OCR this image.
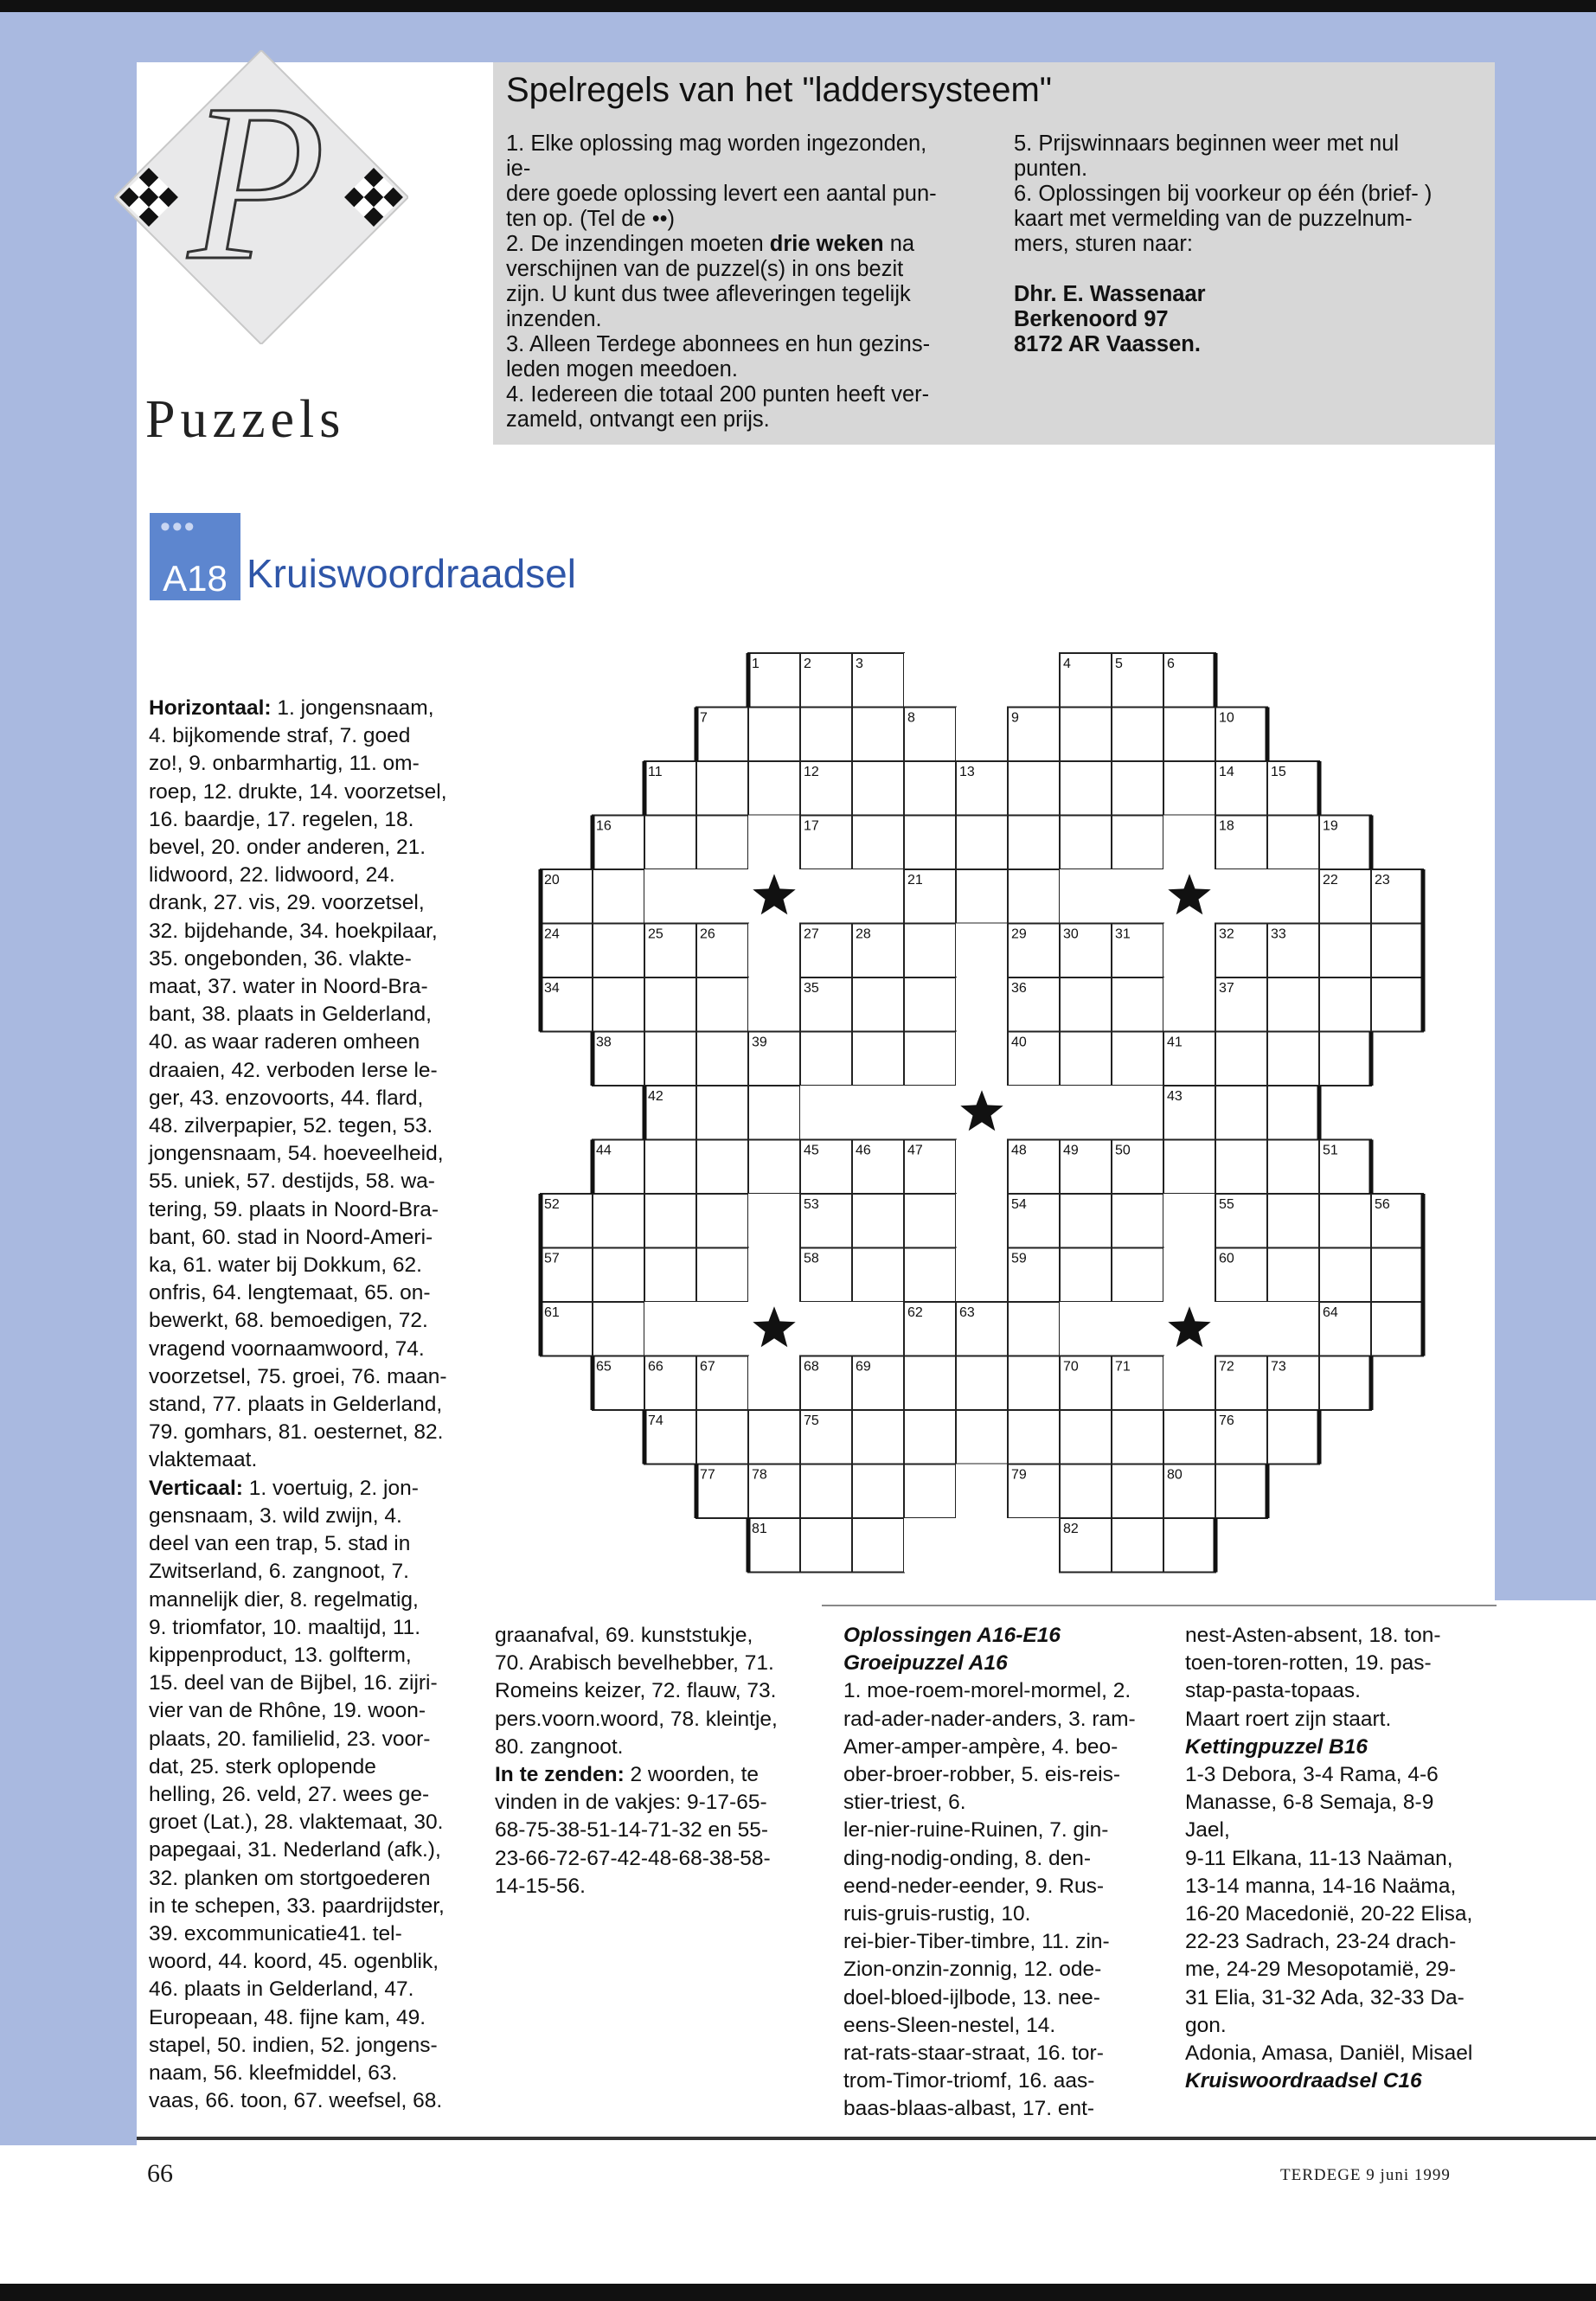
P
Puzzels
Spelregels van het "laddersysteem"
1. Elke oplossing mag worden ingezonden, ie-
dere goede oplossing levert een aantal pun-
ten op. (Tel de ••)
2. De inzendingen moeten drie weken na
verschijnen van de puzzel(s) in ons bezit
zijn. U kunt dus twee afleveringen tegelijk
inzenden.
3. Alleen Terdege abonnees en hun gezins-
leden mogen meedoen.
4. Iedereen die totaal 200 punten heeft ver-
zameld, ontvangt een prijs.
5. Prijswinnaars beginnen weer met nul
punten.
6. Oplossingen bij voorkeur op één (brief- )
kaart met vermelding van de puzzelnum-
mers, sturen naar:
Dhr. E. Wassenaar
Berkenoord 97
8172 AR Vaassen.
•••
A18 Kruiswoordraadsel
1	2	3	4	5	6
7	8	9	10
11	12	13	14	15
16	17	18	19
20	21	22	23
24	25	26	27	28	29	30	31	32	33
34	35	36	37
38	39	40	41
42	43
44	45	46	47	48	49	50	51
52	53	54	55	56
57	58	59	60
61	62	63	64
65	66	67	68	69	70	71	72	73
74	75	76
77	78	79	80
81	82
Horizontaal: 1. jongensnaam,
4. bijkomende straf, 7. goed
zo!, 9. onbarmhartig, 11. om-
roep, 12. drukte, 14. voorzetsel,
16. baardje, 17. regelen, 18.
bevel, 20. onder anderen, 21.
lidwoord, 22. lidwoord, 24.
drank, 27. vis, 29. voorzetsel,
32. bijdehande, 34. hoekpilaar,
35. ongebonden, 36. vlakte-
maat, 37. water in Noord-Bra-
bant, 38. plaats in Gelderland,
40. as waar raderen omheen
draaien, 42. verboden Ierse le-
ger, 43. enzovoorts, 44. flard,
48. zilverpapier, 52. tegen, 53.
jongensnaam, 54. hoeveelheid,
55. uniek, 57. destijds, 58. wa-
tering, 59. plaats in Noord-Bra-
bant, 60. stad in Noord-Ameri-
ka, 61. water bij Dokkum, 62.
onfris, 64. lengtemaat, 65. on-
bewerkt, 68. bemoedigen, 72.
vragend voornaamwoord, 74.
voorzetsel, 75. groei, 76. maan-
stand, 77. plaats in Gelderland,
79. gomhars, 81. oesternet, 82.
vlaktemaat.
Verticaal: 1. voertuig, 2. jon-
gensnaam, 3. wild zwijn, 4.
deel van een trap, 5. stad in
Zwitserland, 6. zangnoot, 7.
mannelijk dier, 8. regelmatig,
9. triomfator, 10. maaltijd, 11.
kippenproduct, 13. golfterm,
15. deel van de Bijbel, 16. zijri-
vier van de Rhône, 19. woon-
plaats, 20. familielid, 23. voor-
dat, 25. sterk oplopende
helling, 26. veld, 27. wees ge-
groet (Lat.), 28. vlaktemaat, 30.
papegaai, 31. Nederland (afk.),
32. planken om stortgoederen
in te schepen, 33. paardrijdster,
39. excommunicatie41. tel-
woord, 44. koord, 45. ogenblik,
46. plaats in Gelderland, 47.
Europeaan, 48. fijne kam, 49.
stapel, 50. indien, 52. jongens-
naam, 56. kleefmiddel, 63.
vaas, 66. toon, 67. weefsel, 68.
graanafval, 69. kunststukje,
70. Arabisch bevelhebber, 71.
Romeins keizer, 72. flauw, 73.
pers.voorn.woord, 78. kleintje,
80. zangnoot.
In te zenden: 2 woorden, te
vinden in de vakjes: 9-17-65-
68-75-38-51-14-71-32 en 55-
23-66-72-67-42-48-68-38-58-
14-15-56.
Oplossingen A16-E16
Groeipuzzel A16
1. moe-roem-morel-mormel, 2.
rad-ader-nader-anders, 3. ram-
Amer-amper-ampère, 4. beo-
ober-broer-robber, 5. eis-reis-
stier-triest, 6.
ler-nier-ruine-Ruinen, 7. gin-
ding-nodig-onding, 8. den-
eend-neder-eender, 9. Rus-
ruis-gruis-rustig, 10.
rei-bier-Tiber-timbre, 11. zin-
Zion-onzin-zonnig, 12. ode-
doel-bloed-ijlbode, 13. nee-
eens-Sleen-nestel, 14.
rat-rats-staar-straat, 16. tor-
trom-Timor-triomf, 16. aas-
baas-blaas-albast, 17. ent-
nest-Asten-absent, 18. ton-
toen-toren-rotten, 19. pas-
stap-pasta-topaas.
Maart roert zijn staart.
Kettingpuzzel B16
1-3 Debora, 3-4 Rama, 4-6
Manasse, 6-8 Semaja, 8-9 Jael,
9-11 Elkana, 11-13 Naäman,
13-14 manna, 14-16 Naäma,
16-20 Macedonië, 20-22 Elisa,
22-23 Sadrach, 23-24 drach-
me, 24-29 Mesopotamië, 29-
31 Elia, 31-32 Ada, 32-33 Da-
gon.
Adonia, Amasa, Daniël, Misael
Kruiswoordraadsel C16
66	TERDEGE 9 juni 1999
